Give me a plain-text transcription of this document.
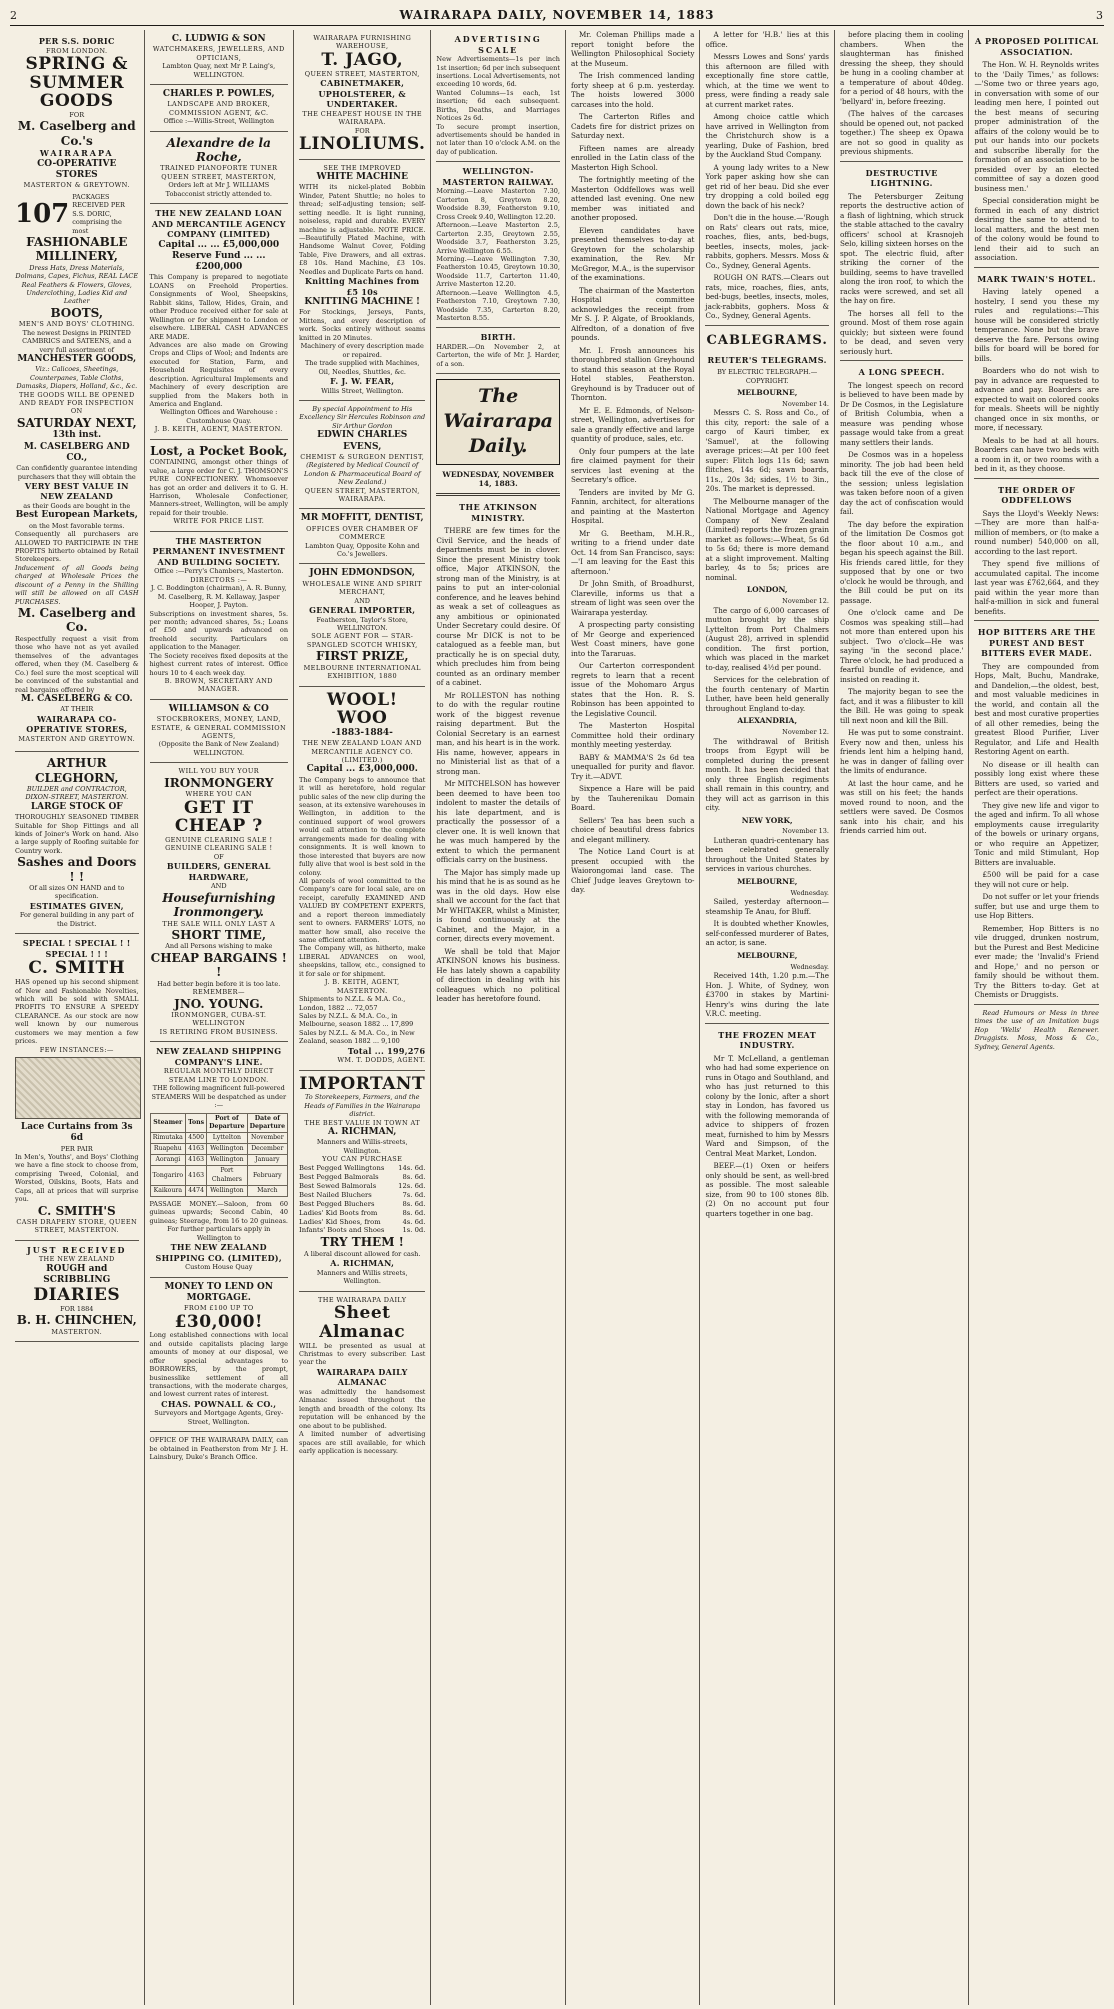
2	WAIRARAPA DAILY, NOVEMBER 14, 1883	3
PER S.S. DORIC
FROM LONDON.
SPRING &
SUMMER
GOODS
FOR
M. Caselberg and Co.'s
WAIRARAPA
CO-OPERATIVE STORES
MASTERTON & GREYTOWN.
107
PACKAGES RECEIVED PER S.S. DORIC, comprising the most
FASHIONABLE
MILLINERY,
Dress Hats, Dress Materials, Dolmans, Capes, Fichus, REAL LACE Real Feathers & Flowers, Gloves, Underclothing, Ladies Kid and Leather
BOOTS,
MEN'S AND BOYS' CLOTHING.
The newest Designs in PRINTED CAMBRICS and SATEENS, and a very full assortment of
MANCHESTER GOODS,
Viz.: Calicoes, Sheetings, Counterpanes, Table Cloths, Damasks, Diapers, Holland, &c., &c.
THE GOODS WILL BE OPENED AND READY FOR INSPECTION ON
SATURDAY NEXT,
13th inst.
M. CASELBERG AND CO.,
Can confidently guarantee intending purchasers that they will obtain the
VERY BEST VALUE IN NEW ZEALAND
as their Goods are bought in the
Best European Markets,
on the Most favorable terms.
Consequently all purchasers are ALLOWED TO PARTICIPATE IN THE PROFITS hitherto obtained by Retail Storekeepers.
Inducement of all Goods being charged at Wholesale Prices the discount of a Penny in the Shilling will still be allowed on all CASH PURCHASES.
M. Caselberg and Co.
Respectfully request a visit from those who have not as yet availed themselves of the advantages offered, when they (M. Caselberg & Co.) feel sure the most sceptical will be convinced of the substantial and real bargains offered by
M. CASELBERG & CO.
AT THEIR
WAIRARAPA CO-OPERATIVE STORES,
MASTERTON AND GREYTOWN.
ARTHUR CLEGHORN,
BUILDER and CONTRACTOR, DIXON-STREET, MASTERTON.
LARGE STOCK OF
THOROUGHLY SEASONED TIMBER Suitable for Shop Fittings and all kinds of Joiner's Work on hand. Also a large supply of Roofing suitable for Country work.
Sashes and Doors ! !
Of all sizes ON HAND and to specification.
ESTIMATES GIVEN,
For general building in any part of the District.
SPECIAL ! SPECIAL ! ! SPECIAL ! ! !
C. SMITH
HAS opened up his second shipment of New and Fashionable Novelties, which will be sold with SMALL PROFITS TO ENSURE A SPEEDY CLEARANCE. As our stock are now well known by our numerous customers we may mention a few prices.
FEW INSTANCES:—
Lace Curtains from 3s 6d
PER PAIR
In Men's, Youths', and Boys' Clothing we have a fine stock to choose from, comprising Tweed, Colonial, and Worsted, Oilskins, Boots, Hats and Caps, all at prices that will surprise you.
C. SMITH'S
CASH DRAPERY STORE, QUEEN STREET, MASTERTON.
JUST RECEIVED
THE NEW ZEALAND
ROUGH and SCRIBBLING
DIARIES
FOR 1884
B. H. CHINCHEN,
MASTERTON.
C. LUDWIG & SON
WATCHMAKERS, JEWELLERS, AND OPTICIANS,
Lambton Quay, next Mr P. Laing's, WELLINGTON.
CHARLES P. POWLES,
LANDSCAPE AND BROKER, COMMISSION AGENT, &C.
Office :—Willis-Street, Wellington
Alexandre de la Roche,
TRAINED PIANOFORTE TUNER QUEEN STREET, MASTERTON,
Orders left at Mr J. WILLIAMS Tobacconist strictly attended to.
THE NEW ZEALAND LOAN AND MERCANTILE AGENCY COMPANY (LIMITED)
Capital ... ... £5,000,000
Reserve Fund ... ... £200,000
This Company is prepared to negotiate LOANS on Freehold Properties. Consignments of Wool, Sheepskins, Rabbit skins, Tallow, Hides, Grain, and other Produce received either for sale at Wellington or for shipment to London or elsewhere. LIBERAL CASH ADVANCES ARE MADE.
Advances are also made on Growing Crops and Clips of Wool; and Indents are executed for Station, Farm, and Household Requisites of every description. Agricultural Implements and Machinery of every description are supplied from the Makers both in America and England.
Wellington Offices and Warehouse : Customhouse Quay.
J. B. KEITH, AGENT, MASTERTON.
Lost, a Pocket Book,
CONTAINING, amongst other things of value, a large order for C. J. THOMSON'S PURE CONFECTIONERY. Whomsoever has got an order and delivers it to G. H. Harrison, Wholesale Confectioner, Manners-street, Wellington, will be amply repaid for their trouble.
WRITE FOR PRICE LIST.
THE MASTERTON PERMANENT INVESTMENT AND BUILDING SOCIETY.
Office :—Perry's Chambers, Masterton.
DIRECTORS :—
J. C. Boddington (chairman), A. R. Bunny, M. Caselberg, R. M. Kellaway, Jasper Hooper, J. Payton.
Subscriptions on investment shares, 5s. per month; advanced shares, 5s.; Loans of £50 and upwards advanced on freehold security. Particulars on application to the Manager.
The Society receives fixed deposits at the highest current rates of interest. Office hours 10 to 4 each week day.
B. BROWN, SECRETARY AND MANAGER.
WILLIAMSON & CO
STOCKBROKERS, MONEY, LAND, ESTATE, & GENERAL COMMISSION AGENTS,
(Opposite the Bank of New Zealand) WELLINGTON.
WILL YOU BUY YOUR
IRONMONGERY
WHERE YOU CAN
GET IT CHEAP ?
GENUINE CLEARING SALE ! GENUINE CLEARING SALE !
OF
BUILDERS, GENERAL HARDWARE,
AND
Housefurnishing Ironmongery.
THE SALE WILL ONLY LAST A
SHORT TIME,
And all Persons wishing to make
CHEAP BARGAINS ! !
Had better begin before it is too late.
REMEMBER—
JNO. YOUNG.
IRONMONGER, CUBA-ST. WELLINGTON
IS RETIRING FROM BUSINESS.
NEW ZEALAND SHIPPING COMPANY'S LINE.
REGULAR MONTHLY DIRECT STEAM LINE TO LONDON.
THE following magnificent full-powered STEAMERS Will be despatched as under :—
Steamer	Tons	Port of Departure	Date of Departure
Rimutaka	4500	Lyttelton	November
Ruapehu	4163	Wellington	December
Aorangi	4163	Wellington	January
Tongariro	4163	Port Chalmers	February
Kaikoura	4474	Wellington	March
PASSAGE MONEY.—Saloon, from 60 guineas upwards; Second Cabin, 40 guineas; Steerage, from 16 to 20 guineas.
For further particulars apply in Wellington to
THE NEW ZEALAND SHIPPING CO. (LIMITED),
Custom House Quay
MONEY TO LEND ON MORTGAGE.
FROM £100 UP TO
£30,000!
Long established connections with local and outside capitalists placing large amounts of money at our disposal, we offer special advantages to BORROWERS, by the prompt, businesslike settlement of all transactions, with the moderate charges, and lowest current rates of interest.
CHAS. POWNALL & CO.,
Surveyors and Mortgage Agents, Grey-Street, Wellington.
OFFICE OF THE WAIRARAPA DAILY, can be obtained in Featherston from Mr J. H. Lainsbury, Duke's Branch Office.
WAIRARAPA FURNISHING WAREHOUSE,
T. JAGO,
QUEEN STREET, MASTERTON,
CABINETMAKER, UPHOLSTERER, & UNDERTAKER.
THE CHEAPEST HOUSE IN THE WAIRARAPA.
FOR
LINOLIUMS.
SEE THE IMPROVED
WHITE MACHINE
WITH its nickel-plated Bobbin Winder, Patent Shuttle; no holes to thread; self-adjusting tension; self-setting needle. It is light running, noiseless, rapid and durable. EVERY machine is adjustable. NOTE PRICE.—Beautifully Plated Machine, with Handsome Walnut Cover, Folding Table, Five Drawers, and all extras. £8 10s. Hand Machine, £3 10s. Needles and Duplicate Parts on hand.
Knitting Machines from £5 10s
KNITTING MACHINE !
For Stockings, Jerseys, Pants, Mittens, and every description of work. Socks entirely without seams knitted in 20 Minutes.
Machinery of every description made or repaired.
The trade supplied with Machines, Oil, Needles, Shuttles, &c.
F. J. W. FEAR,
Willis Street, Wellington.
By special Appointment to His Excellency Sir Hercules Robinson and Sir Arthur Gordon
EDWIN CHARLES EVENS,
CHEMIST & SURGEON DENTIST,
(Registered by Medical Council of London & Pharmaceutical Board of New Zealand.)
QUEEN STREET, MASTERTON, WAIRARAPA.
MR MOFFITT, DENTIST,
OFFICES OVER CHAMBER OF COMMERCE
Lambton Quay, Opposite Kohn and Co.'s Jewellers.
JOHN EDMONDSON,
WHOLESALE WINE AND SPIRIT MERCHANT,
AND
GENERAL IMPORTER,
Featherston, Taylor's Store, WELLINGTON.
SOLE AGENT FOR — STAR-SPANGLED SCOTCH WHISKY,
FIRST PRIZE,
MELBOURNE INTERNATIONAL EXHIBITION, 1880
WOOL! WOO
-1883-1884-
THE NEW ZEALAND LOAN AND MERCANTILE AGENCY CO. (LIMITED.)
Capital ... £3,000,000.
The Company begs to announce that it will as heretofore, hold regular public sales of the new clip during the season, at its extensive warehouses in Wellington, in addition to the continued support of wool growers would call attention to the complete arrangements made for dealing with consignments. It is well known to those interested that buyers are now fully alive that wool is best sold in the colony.
All parcels of wool committed to the Company's care for local sale, are on receipt, carefully EXAMINED AND VALUED BY COMPETENT EXPERTS, and a report thereon immediately sent to owners. FARMERS' LOTS, no matter how small, also receive the same efficient attention.
The Company will, as hitherto, make LIBERAL ADVANCES on wool, sheepskins, tallow, etc., consigned to it for sale or for shipment.
J. B. KEITH, AGENT, MASTERTON.
Shipments to N.Z.L. & M.A. Co., London, 1882 ... 72,057
Sales by N.Z.L. & M.A. Co., in Melbourne, season 1882 ... 17,899
Sales by N.Z.L. & M.A. Co., in New Zealand, season 1882 ... 9,100
Total ... 199,276
WM. T. DODDS, AGENT.
IMPORTANT
To Storekeepers, Farmers, and the Heads of Families in the Wairarapa district.
THE BEST VALUE IN TOWN AT
A. RICHMAN,
Manners and Willis-streets, Wellington.
YOU CAN PURCHASE
Best Pegged Wellingtons 14s. 6d.
Best Pegged Balmorals	8s. 6d.
Best Sewed Balmorals	12s. 6d.
Best Nailed Bluchers	7s. 6d.
Best Pegged Bluchers	8s. 6d.
Ladies' Kid Boots from	8s. 6d.
Ladies' Kid Shoes, from	4s. 6d.
Infants' Boots and Shoes	1s. 0d.
TRY THEM !
A liberal discount allowed for cash.
A. RICHMAN,
Manners and Willis streets, Wellington.
THE WAIRARAPA DAILY
Sheet Almanac
WILL be presented as usual at Christmas to every subscriber. Last year the
WAIRARAPA DAILY ALMANAC
was admittedly the handsomest Almanac issued throughout the length and breadth of the colony. Its reputation will be enhanced by the one about to be published.
A limited number of advertising spaces are still available, for which early application is necessary.
ADVERTISING SCALE
New Advertisements—1s per inch 1st insertion; 6d per inch subsequent insertions. Local Advertisements, not exceeding 10 words, 6d.
Wanted Columns—1s each, 1st insertion; 6d each subsequent. Births, Deaths, and Marriages Notices 2s 6d.
To secure prompt insertion, advertisements should be handed in not later than 10 o'clock A.M. on the day of publication.
WELLINGTON-MASTERTON RAILWAY.
Morning.—Leave Masterton 7.30, Carterton 8, Greytown 8.20, Woodside 8.39, Featherston 9.10, Cross Creek 9.40, Wellington 12.20.
Afternoon.—Leave Masterton 2.5, Carterton 2.35, Greytown 2.55, Woodside 3.7, Featherston 3.25, Arrive Wellington 6.55.
Morning.—Leave Wellington 7.30, Featherston 10.45, Greytown 10.30, Woodside 11.7, Carterton 11.40, Arrive Masterton 12.20.
Afternoon.—Leave Wellington 4.5, Featherston 7.10, Greytown 7.30, Woodside 7.35, Carterton 8.20, Masterton 8.55.
BIRTH.
HARDER.—On November 2, at Carterton, the wife of Mr. J. Harder, of a son.
The Wairarapa Daily.
WEDNESDAY, NOVEMBER 14, 1883.
THE ATKINSON MINISTRY.

THERE are few times for the Civil Service, and the heads of departments must be in clover. Since the present Ministry took office, Major ATKINSON, the strong man of the Ministry, is at pains to put an inter-colonial conference, and he leaves behind as weak a set of colleagues as any ambitious or opinionated Under Secretary could desire. Of course Mr DICK is not to be catalogued as a feeble man, but practically he is on special duty, which precludes him from being counted as an ordinary member of a cabinet.

Mr ROLLESTON has nothing to do with the regular routine work of the biggest revenue raising department. But the Colonial Secretary is an earnest man, and his heart is in the work. His name, however, appears in no Ministerial list as that of a strong man.

Mr MITCHELSON has however been deemed to have been too indolent to master the details of his late department, and is practically the possessor of a clever one. It is well known that he was much hampered by the extent to which the permanent officials carry on the business.

The Major has simply made up his mind that he is as sound as he was in the old days. How else shall we account for the fact that Mr WHITAKER, whilst a Minister, is found continuously at the Cabinet, and the Major, in a corner, directs every movement.

We shall be told that Major ATKINSON knows his business. He has lately shown a capability of direction in dealing with his colleagues which no political leader has heretofore found.

Mr. Coleman Phillips made a report tonight before the Wellington Philosophical Society at the Museum.

The Irish commenced landing forty sheep at 6 p.m. yesterday. The hoists lowered 3000 carcases into the hold.

The Carterton Rifles and Cadets fire for district prizes on Saturday next.

Fifteen names are already enrolled in the Latin class of the Masterton High School.

The fortnightly meeting of the Masterton Oddfellows was well attended last evening. One new member was initiated and another proposed.

Eleven candidates have presented themselves to-day at Greytown for the scholarship examination, the Rev. Mr McGregor, M.A., is the supervisor of the examinations.

The chairman of the Masterton Hospital committee acknowledges the receipt from Mr S. J. P. Algate, of Brooklands, Alfredton, of a donation of five pounds.

Mr. I. Frosh announces his thoroughbred stallion Greyhound to stand this season at the Royal Hotel stables, Featherston. Greyhound is by Traducer out of Thornton.

Mr E. E. Edmonds, of Nelson-street, Wellington, advertises for sale a grandly effective and large quantity of produce, sales, etc.

Only four pumpers at the late fire claimed payment for their services last evening at the Secretary's office.

Tenders are invited by Mr G. Fannin, architect, for alterations and painting at the Masterton Hospital.

Mr G. Beetham, M.H.R., writing to a friend under date Oct. 14 from San Francisco, says:—'I am leaving for the East this afternoon.'

Dr John Smith, of Broadhurst, Clareville, informs us that a stream of light was seen over the Wairarapa yesterday.

A prospecting party consisting of Mr George and experienced West Coast miners, have gone into the Tararuas.

Our Carterton correspondent regrets to learn that a recent issue of the Mohomaro Argus states that the Hon. R. S. Robinson has been appointed to the Legislative Council.

The Masterton Hospital Committee hold their ordinary monthly meeting yesterday.

BABY & MAMMA'S 2s 6d tea unequalled for purity and flavor. Try it.—ADVT.

Sixpence a Hare will be paid by the Tauherenikau Domain Board.

Sellers' Tea has been such a choice of beautiful dress fabrics and elegant millinery.

The Notice Land Court is at present occupied with the Waiorongomai land case. The Chief Judge leaves Greytown to-day.

A letter for 'H.B.' lies at this office.

Messrs Lowes and Sons' yards this afternoon are filled with exceptionally fine store cattle, which, at the time we went to press, were finding a ready sale at current market rates.

Among choice cattle which have arrived in Wellington from the Christchurch show is a yearling, Duke of Fashion, bred by the Auckland Stud Company.

A young lady writes to a New York paper asking how she can get rid of her beau. Did she ever try dropping a cold boiled egg down the back of his neck?

Don't die in the house.—'Rough on Rats' clears out rats, mice, roaches, flies, ants, bed-bugs, beetles, insects, moles, jack-rabbits, gophers. Messrs. Moss & Co., Sydney, General Agents.

ROUGH ON RATS.—Clears out rats, mice, roaches, flies, ants, bed-bugs, beetles, insects, moles, jack-rabbits, gophers. Moss & Co., Sydney, General Agents.

CABLEGRAMS.
REUTER'S TELEGRAMS.
BY ELECTRIC TELEGRAPH.—COPYRIGHT.
MELBOURNE,
November 14.

Messrs C. S. Ross and Co., of this city, report: the sale of a cargo of Kauri timber, ex 'Samuel', at the following average prices:—At per 100 feet super: Flitch logs 11s 6d; sawn flitches, 14s 6d; sawn boards, 11s., 20s 3d; sides, 1½ to 3in., 20s. The market is depressed.

The Melbourne manager of the National Mortgage and Agency Company of New Zealand (Limited) reports the frozen grain market as follows:—Wheat, 5s 6d to 5s 6d; there is more demand at a slight improvement. Malting barley, 4s to 5s; prices are nominal.

LONDON,
November 12.

The cargo of 6,000 carcases of mutton brought by the ship Lyttelton from Port Chalmers (August 28), arrived in splendid condition. The first portion, which was placed in the market to-day, realised 4½d per pound.

Services for the celebration of the fourth centenary of Martin Luther, have been held generally throughout England to-day.

ALEXANDRIA,
November 12.

The withdrawal of British troops from Egypt will be completed during the present month. It has been decided that only three English regiments shall remain in this country, and they will act as garrison in this city.

NEW YORK,
November 13.

Lutheran quadri-centenary has been celebrated generally throughout the United States by services in various churches.

MELBOURNE,
Wednesday.

Sailed, yesterday afternoon—steamship Te Anau, for Bluff.

It is doubted whether Knowles, self-confessed murderer of Bates, an actor, is sane.

MELBOURNE,
Wednesday.

Received 14th, 1.20 p.m.—The Hon. J. White, of Sydney, won £3700 in stakes by Martini-Henry's wins during the late V.R.C. meeting.

THE FROZEN MEAT INDUSTRY.

Mr T. McLelland, a gentleman who had had some experience on runs in Otago and Southland, and who has just returned to this colony by the Ionic, after a short stay in London, has favored us with the following memoranda of advice to shippers of frozen meat, furnished to him by Messrs Ward and Simpson, of the Central Meat Market, London.

BEEF.—(1) Oxen or heifers only should be sent, as well-bred as possible. The most saleable size, from 90 to 100 stones 8lb. (2) On no account put four quarters together in one bag.

before placing them in cooling chambers. When the slaughterman has finished dressing the sheep, they should be hung in a cooling chamber at a temperature of about 40deg. for a period of 48 hours, with the 'bellyard' in, before freezing.

(The halves of the carcases should be opened out, not packed together.) The sheep ex Opawa are not so good in quality as previous shipments.

DESTRUCTIVE LIGHTNING.

The Petersburger Zeitung reports the destructive action of a flash of lightning, which struck the stable attached to the cavalry officers' school at Krasnojeh Selo, killing sixteen horses on the spot. The electric fluid, after striking the corner of the building, seems to have travelled along the iron roof, to which the racks were screwed, and set all the hay on fire.

The horses all fell to the ground. Most of them rose again quickly; but sixteen were found to be dead, and seven very seriously hurt.

A LONG SPEECH.

The longest speech on record is believed to have been made by Dr De Cosmos, in the Legislature of British Columbia, when a measure was pending whose passage would take from a great many settlers their lands.

De Cosmos was in a hopeless minority. The job had been held back till the eve of the close of the session; unless legislation was taken before noon of a given day the act of confiscation would fail.

The day before the expiration of the limitation De Cosmos got the floor about 10 a.m., and began his speech against the Bill. His friends cared little, for they supposed that by one or two o'clock he would be through, and the Bill could be put on its passage.

One o'clock came and De Cosmos was speaking still—had not more than entered upon his subject. Two o'clock—He was saying 'in the second place.' Three o'clock, he had produced a fearful bundle of evidence, and insisted on reading it.

The majority began to see the fact, and it was a filibuster to kill the Bill. He was going to speak till next noon and kill the Bill.

He was put to some constraint. Every now and then, unless his friends lent him a helping hand, he was in danger of falling over the limits of endurance.

At last the hour came, and he was still on his feet; the hands moved round to noon, and the settlers were saved. De Cosmos sank into his chair, and his friends carried him out.

A PROPOSED POLITICAL ASSOCIATION.

The Hon. W. H. Reynolds writes to the 'Daily Times,' as follows:—'Some two or three years ago, in conversation with some of our leading men here, I pointed out the best means of securing proper administration of the affairs of the colony would be to put our hands into our pockets and subscribe liberally for the formation of an association to be presided over by an elected committee of say a dozen good business men.'

Special consideration might be formed in each of any district desiring the same to attend to local matters, and the best men of the colony would be found to lend their aid to such an association.

MARK TWAIN'S HOTEL.

Having lately opened a hostelry, I send you these my rules and regulations:—This house will be considered strictly temperance. None but the brave deserve the fare. Persons owing bills for board will be bored for bills.

Boarders who do not wish to pay in advance are requested to advance and pay. Boarders are expected to wait on colored cooks for meals. Sheets will be nightly changed once in six months, or more, if necessary.

Meals to be had at all hours. Boarders can have two beds with a room in it, or two rooms with a bed in it, as they choose.

THE ORDER OF ODDFELLOWS

Says the Lloyd's Weekly News:—They are more than half-a-million of members, or (to make a round number) 540,000 on all, according to the last report.

They spend five millions of accumulated capital. The income last year was £762,664, and they paid within the year more than half-a-million in sick and funeral benefits.

HOP BITTERS ARE THE PUREST AND BEST BITTERS EVER MADE.

They are compounded from Hops, Malt, Buchu, Mandrake, and Dandelion,—the oldest, best, and most valuable medicines in the world, and contain all the best and most curative properties of all other remedies, being the greatest Blood Purifier, Liver Regulator, and Life and Health Restoring Agent on earth.

No disease or ill health can possibly long exist where these Bitters are used, so varied and perfect are their operations.

They give new life and vigor to the aged and infirm. To all whose employments cause irregularity of the bowels or urinary organs, or who require an Appetizer, Tonic and mild Stimulant, Hop Bitters are invaluable.

£500 will be paid for a case they will not cure or help.

Do not suffer or let your friends suffer, but use and urge them to use Hop Bitters.

Remember, Hop Bitters is no vile drugged, drunken nostrum, but the Purest and Best Medicine ever made; the 'Invalid's Friend and Hope,' and no person or family should be without them. Try the Bitters to-day. Get at Chemists or Druggists.

Read Humours or Mess in three times the use of an Imitation bugs Hop 'Wells' Health Renewer. Druggists. Moss, Moss & Co., Sydney, General Agents.
